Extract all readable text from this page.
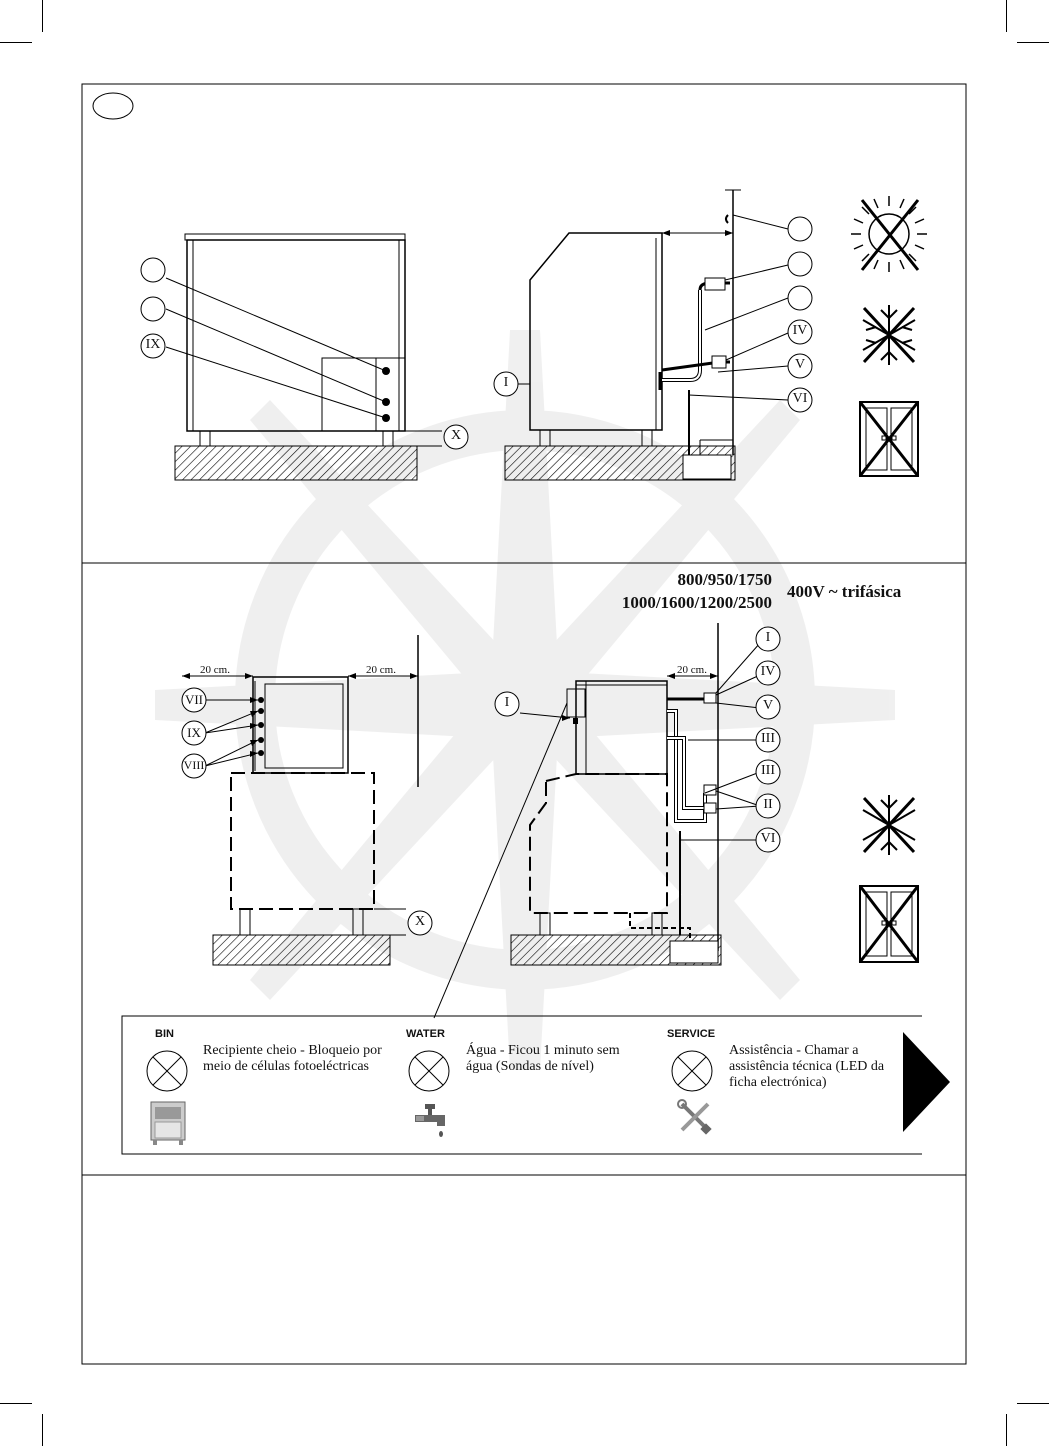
IX
X
I
IV
V
VI
800/950/1750
1000/1600/1200/2500
400V ~ trifásica
20 cm.	20 cm.	20 cm.
VII
IX
VIII
X
I
I
IV
V
III
III
II
VI
BIN
Recipiente cheio - Bloqueio por meio de células fotoeléctricas
WATER
Água - Ficou 1 minuto sem água (Sondas de nível)
SERVICE
Assistência - Chamar a assistência técnica (LED da ficha electrónica)
